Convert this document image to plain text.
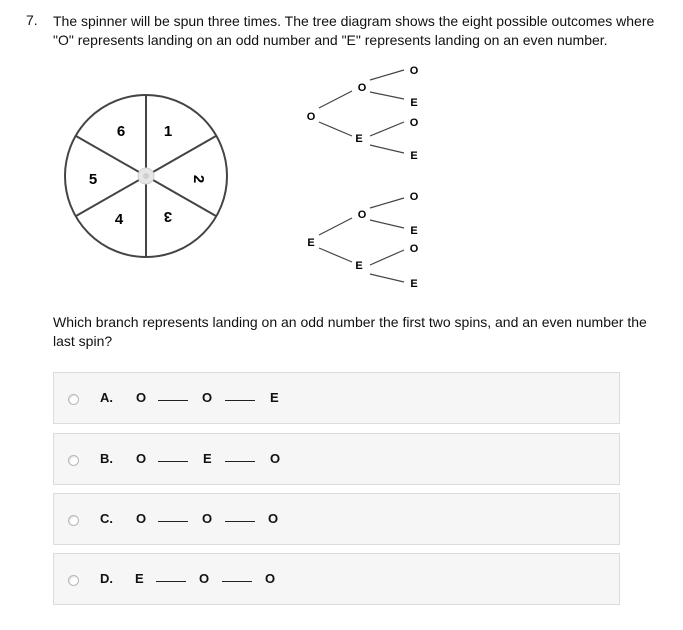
7. The spinner will be spun three times. The tree diagram shows the eight possible outcomes where "O" represents landing on an odd number and "E" represents landing on an even number.
6	1
2
3
4
5
O
E
O
E
O
E
O
E
O
E
O
E
O
E
Which branch represents landing on an odd number the first two spins, and an even number the last spin?
A. O	O	E
B. O	E	O
C. O	O	O
D. E	O	O
